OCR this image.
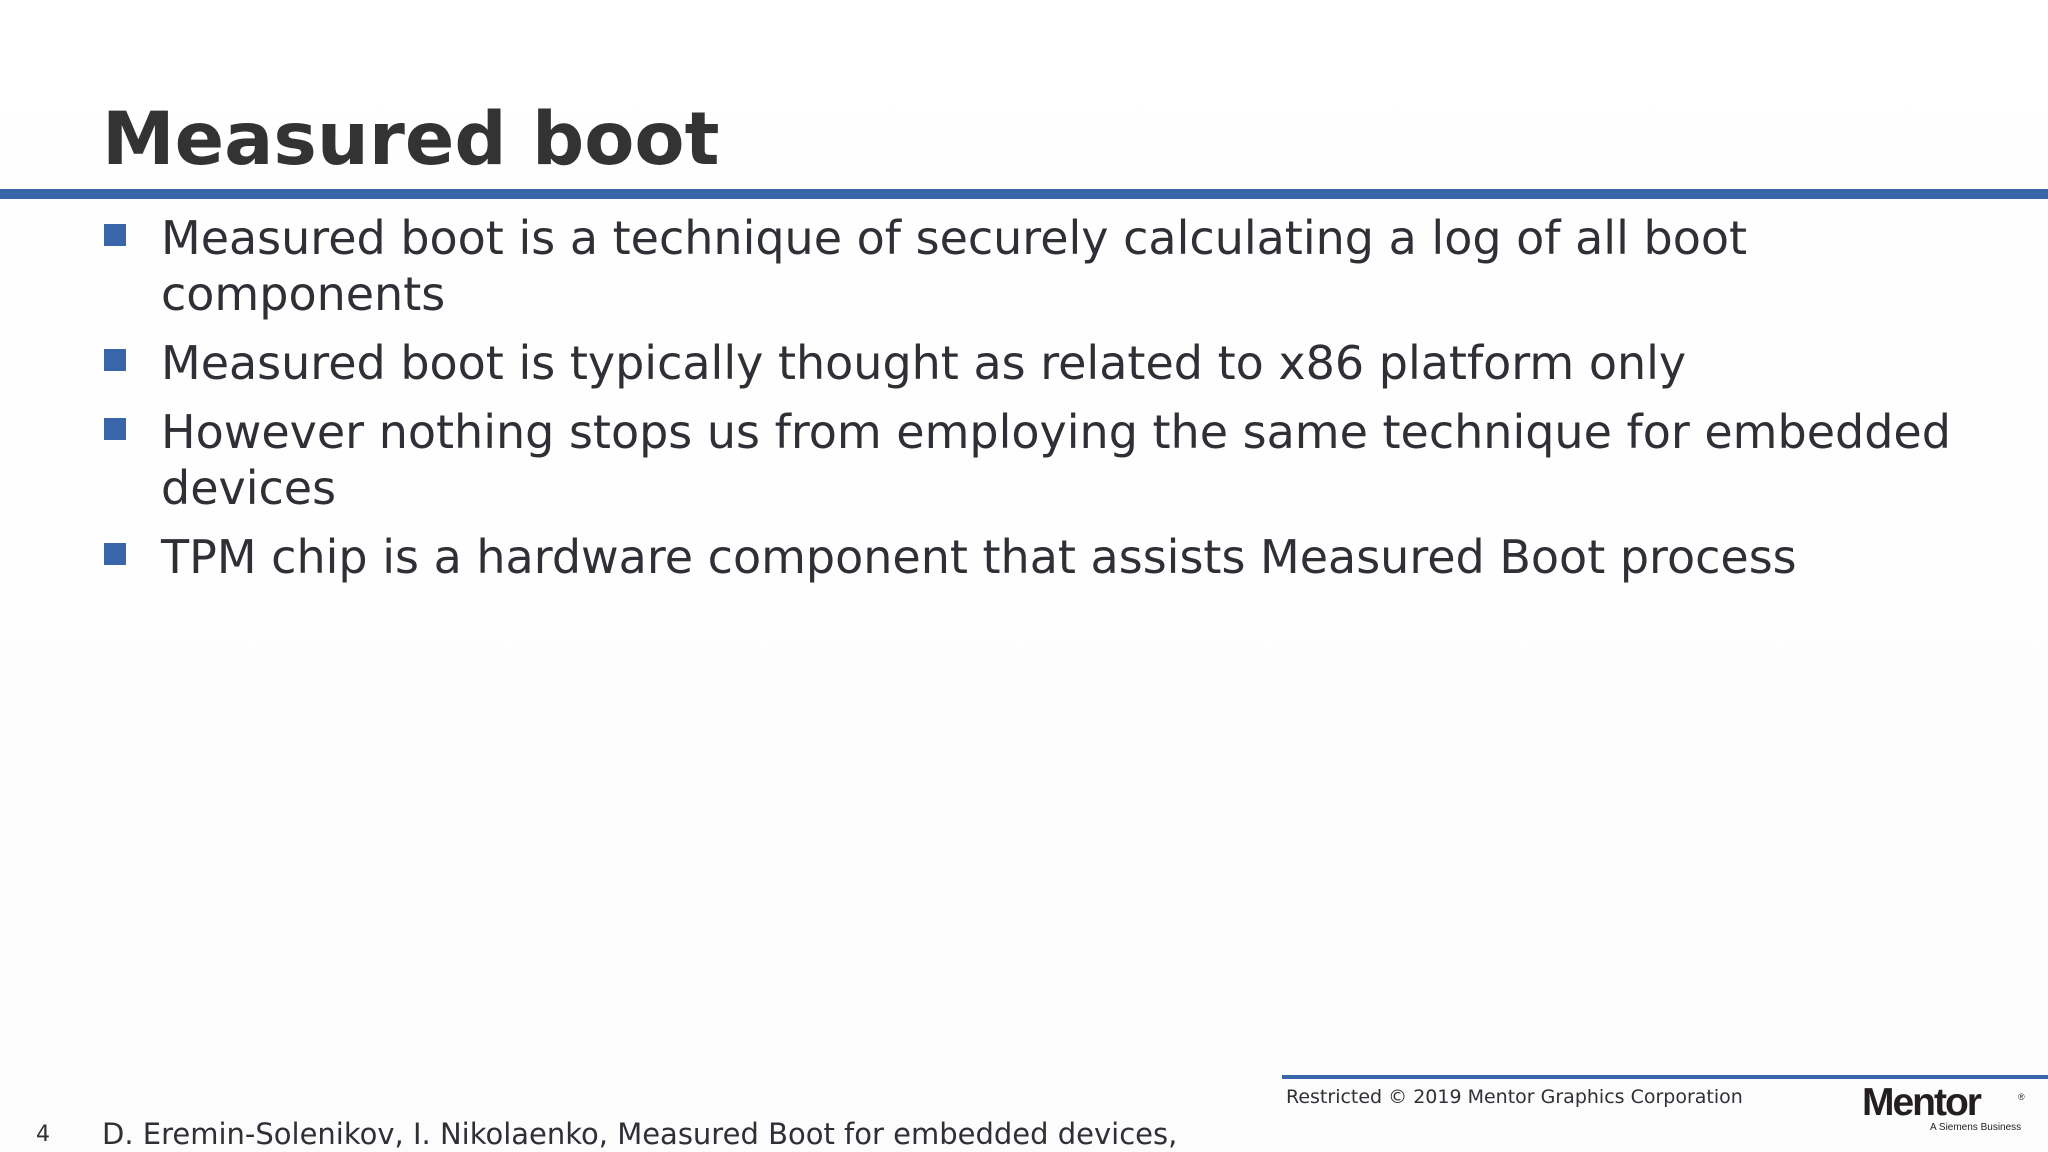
Measured boot
Measured boot is a technique of securely calculating a log of all boot components
Measured boot is typically thought as related to x86 platform only
However nothing stops us from employing the same technique for embedded devices
TPM chip is a hardware component that assists Measured Boot process
Restricted © 2019 Mentor Graphics Corporation
4 D. Eremin-Solenikov, I. Nikolaenko, Measured Boot for embedded devices,
Mentor	®
A Siemens Business
